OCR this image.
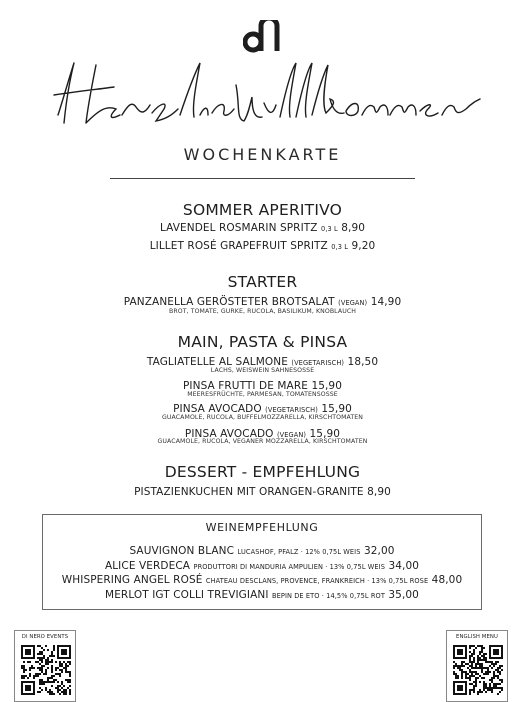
WOCHENKARTE
SOMMER APERITIVO
LAVENDEL ROSMARIN SPRITZ 0,3 L 8,90
LILLET ROSÉ GRAPEFRUIT SPRITZ 0,3 L 9,20
STARTER
PANZANELLA GERÖSTETER BROTSALAT (VEGAN) 14,90
BROT, TOMATE, GURKE, RUCOLA, BASILIKUM, KNOBLAUCH
MAIN, PASTA & PINSA
TAGLIATELLE AL SALMONE (VEGETARISCH) 18,50
LACHS, WEISWEIN SAHNESOSSE
PINSA FRUTTI DE MARE 15,90
MEERESFRÜCHTE, PARMESAN, TOMATENSOSSE
PINSA AVOCADO (VEGETARISCH) 15,90
GUACAMOLE, RUCOLA, BUFFELMOZZARELLA, KIRSCHTOMATEN
PINSA AVOCADO (VEGAN) 15,90
GUACAMOLE, RUCOLA, VEGANER MOZZARELLA, KIRSCHTOMATEN
DESSERT - EMPFEHLUNG
PISTAZIENKUCHEN MIT ORANGEN-GRANITE 8,90
WEINEMPFEHLUNG
SAUVIGNON BLANC LUCASHOF, PFALZ · 12% 0,75L WEIS 32,00
ALICE VERDECA PRODUTTORI DI MANDURIA AMPULIEN · 13% 0,75L WEIS 34,00
WHISPERING ANGEL ROSÉ CHATEAU DESCLANS, PROVENCE, FRANKREICH · 13% 0,75L ROSE 48,00
MERLOT IGT COLLI TREVIGIANI BEPIN DE ETO · 14,5% 0,75L ROT 35,00
DI NERO EVENTS	ENGLISH MENU
